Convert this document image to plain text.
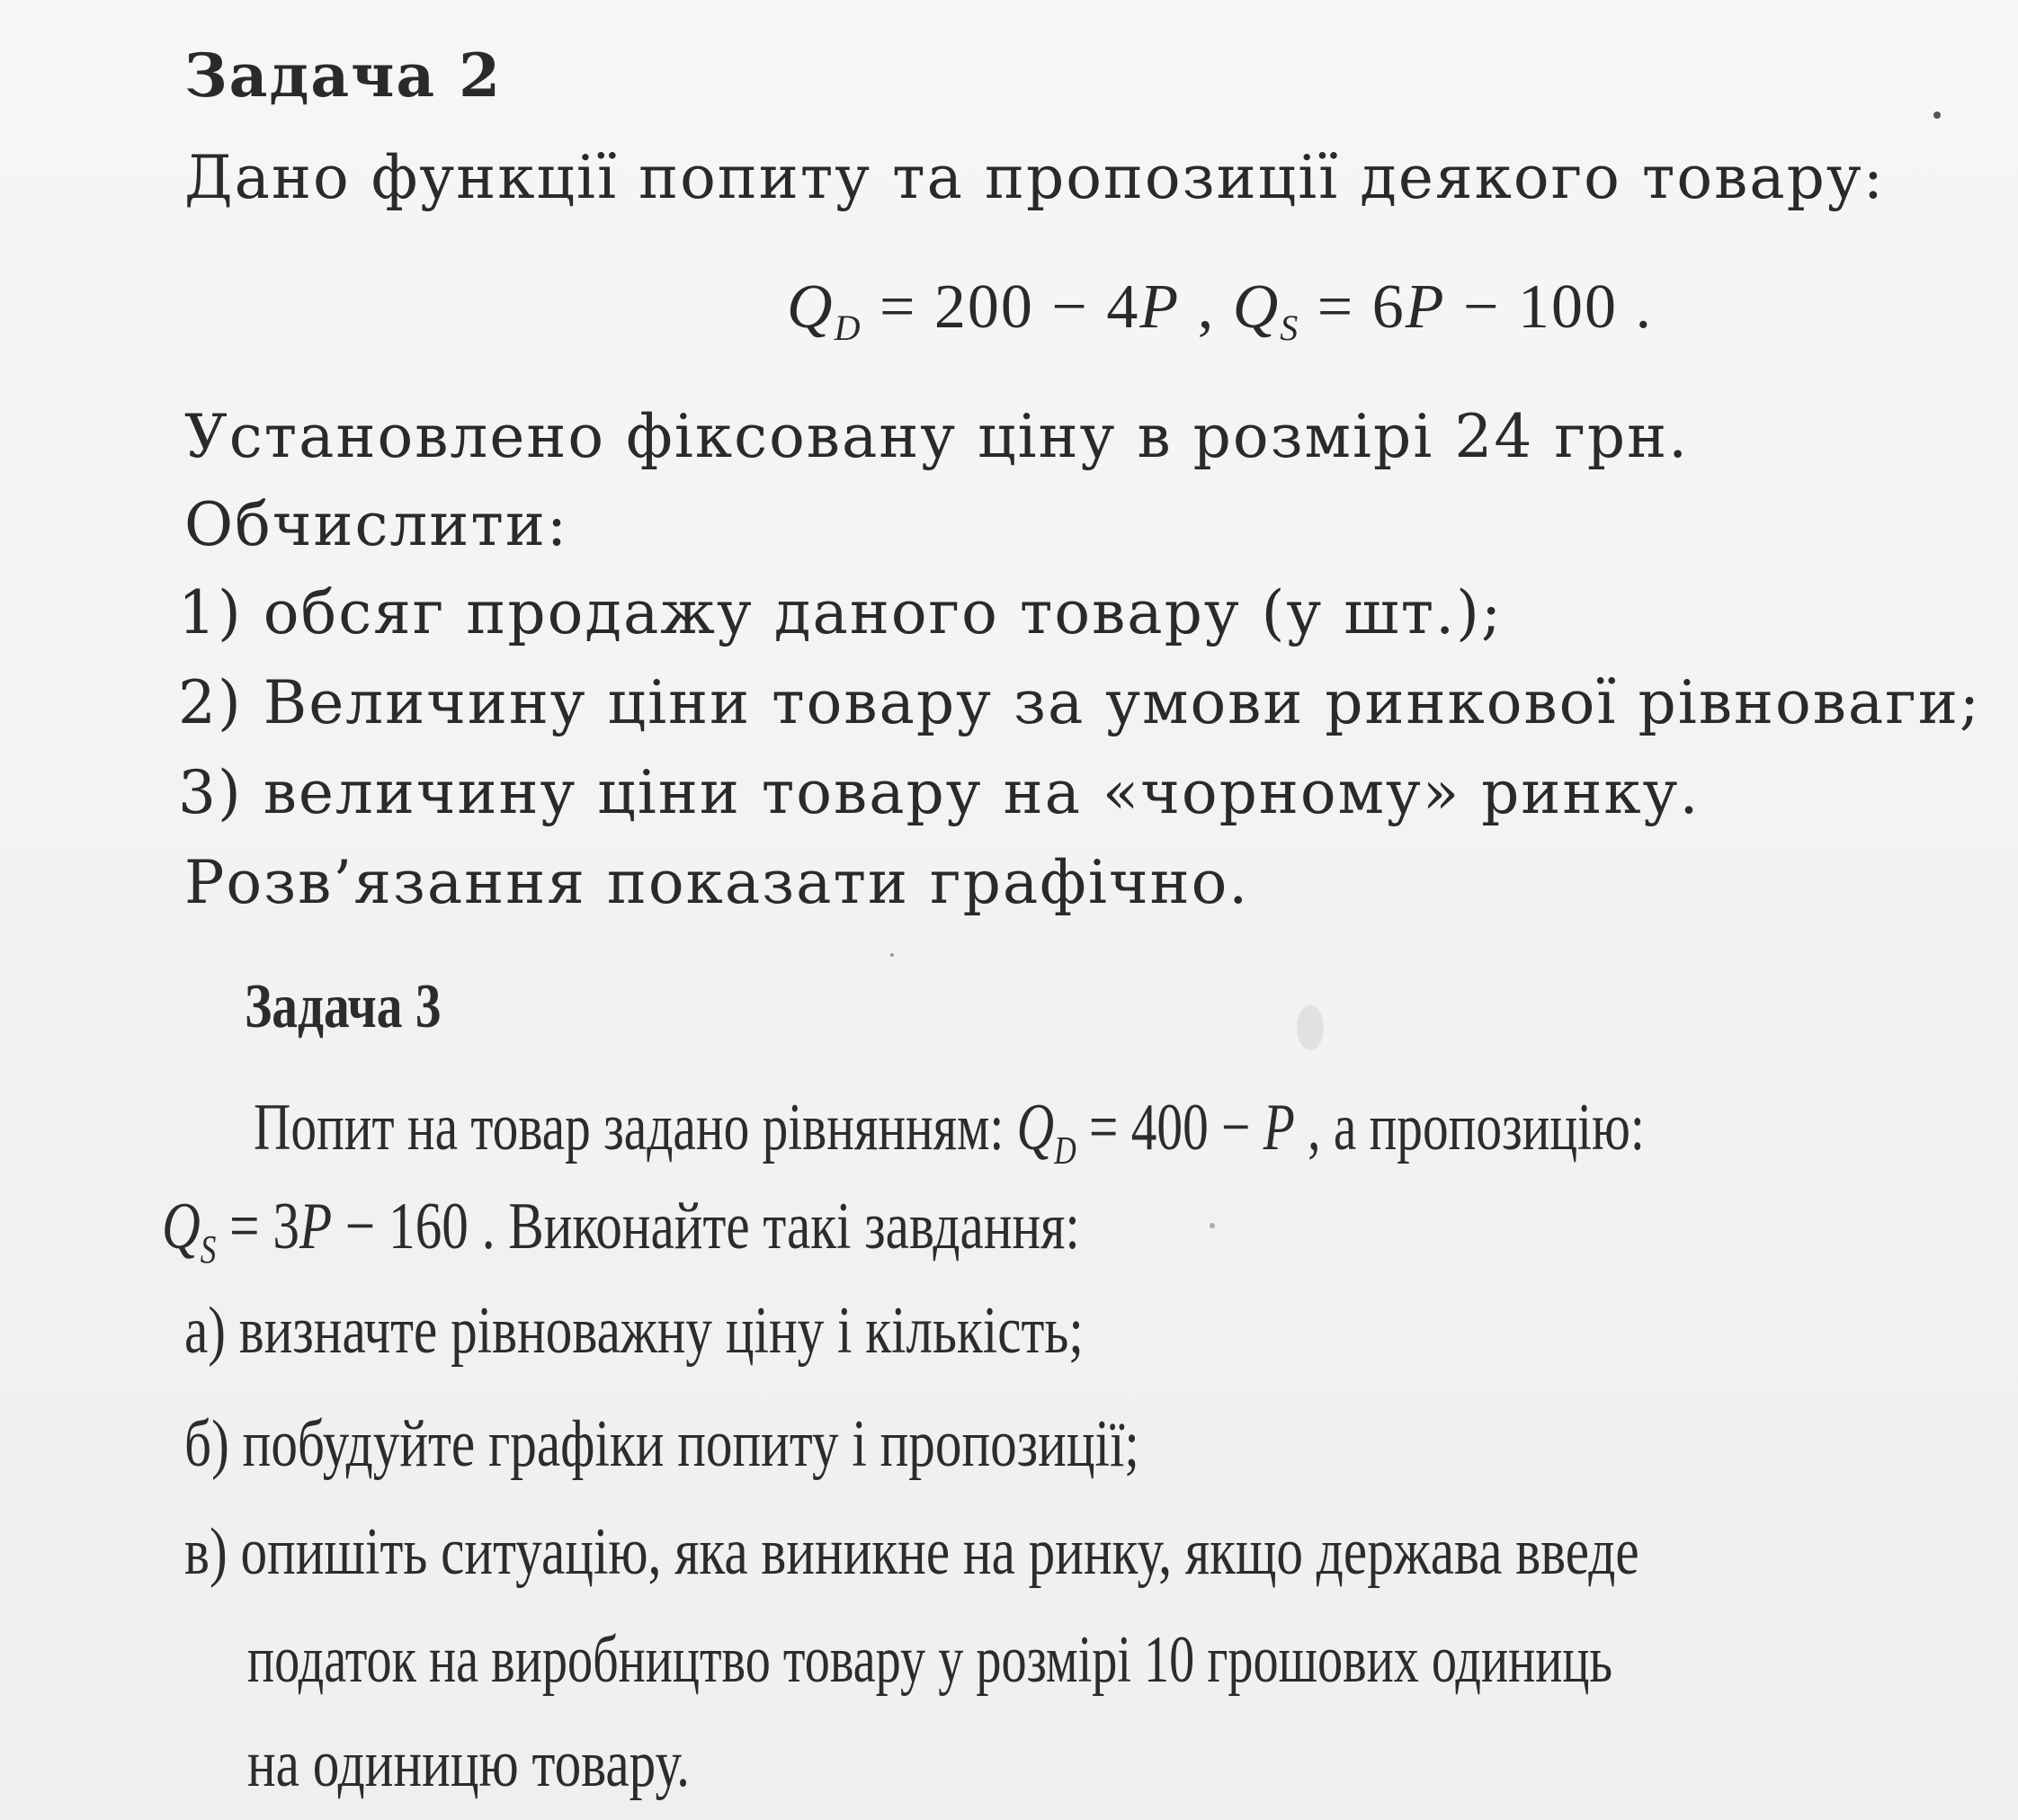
Задача 2
Дано функції попиту та пропозиції деякого товару:
$Q_D = 200 - 4P$ , $Q_S = 6P - 100$ .
Установлено фіксовану ціну в розмірі 24 грн.
Обчислити:
1) обсяг продажу даного товару (у шт.);
2) Величину ціни товару за умови ринкової рівноваги;
3) величину ціни товару на «чорному» ринку.
Розв’язання показати графічно.
Задача 3
Попит на товар задано рівнянням: $Q_D = 400 - P$ , а пропозицію:
$Q_S = 3P - 160$ . Виконайте такі завдання:
а) визначте рівноважну ціну і кількість;
б) побудуйте графіки попиту і пропозиції;
в) опишіть ситуацію, яка виникне на ринку, якщо держава введе
податок на виробництво товару у розмірі 10 грошових одиниць
на одиницю товару.
